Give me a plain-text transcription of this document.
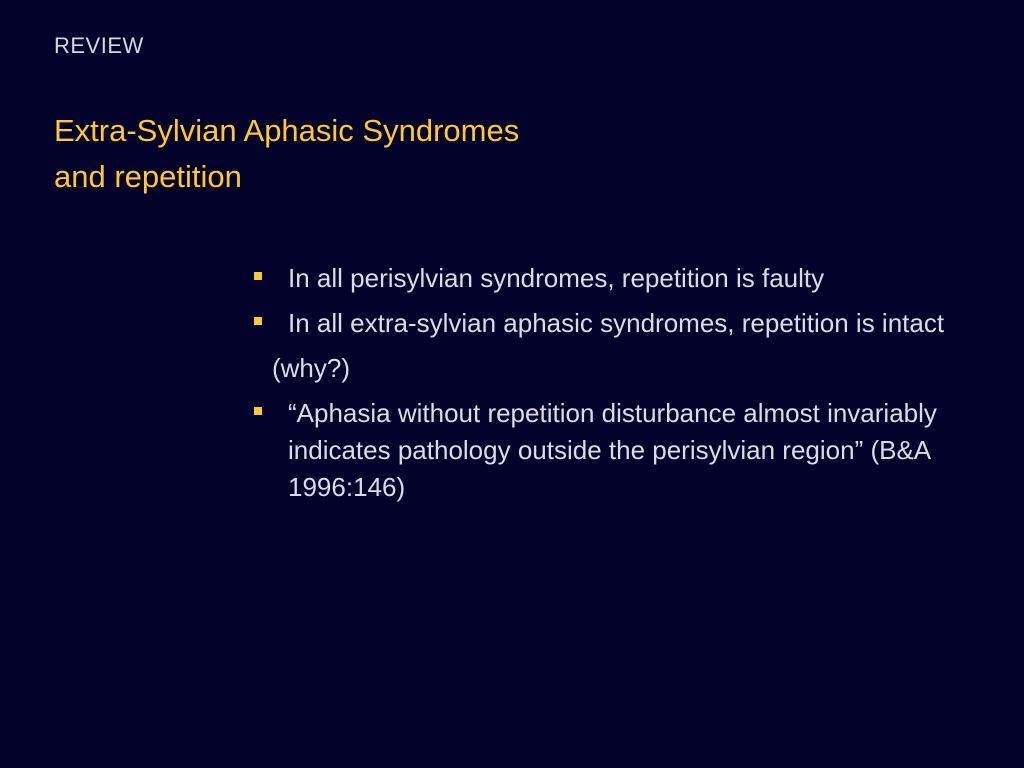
REVIEW
Extra-Sylvian Aphasic Syndromes
and repetition
In all perisylvian syndromes, repetition is faulty
In all extra-sylvian aphasic syndromes, repetition is intact
(why?)
“Aphasia without repetition disturbance almost invariably indicates pathology outside the perisylvian region” (B&A 1996:146)
